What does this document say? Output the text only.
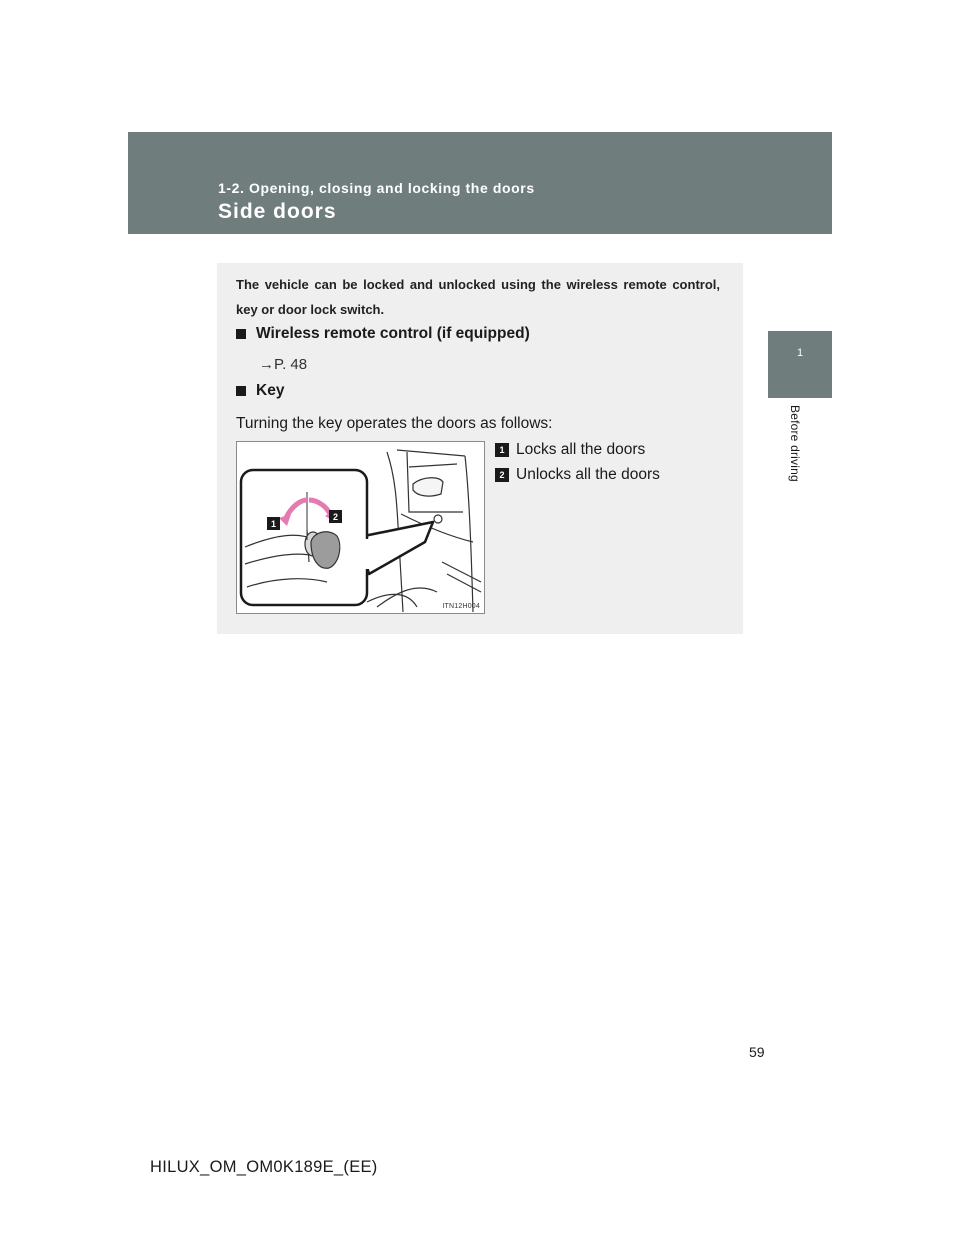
1-2. Opening, closing and locking the doors
Side doors
1
Before driving
The vehicle can be locked and unlocked using the wireless remote control, key or door lock switch.
Wireless remote control (if equipped)
→P. 48
Key
Turning the key operates the doors as follows:
1
2
ITN12H004
1 Locks all the doors
2 Unlocks all the doors
59
HILUX_OM_OM0K189E_(EE)
